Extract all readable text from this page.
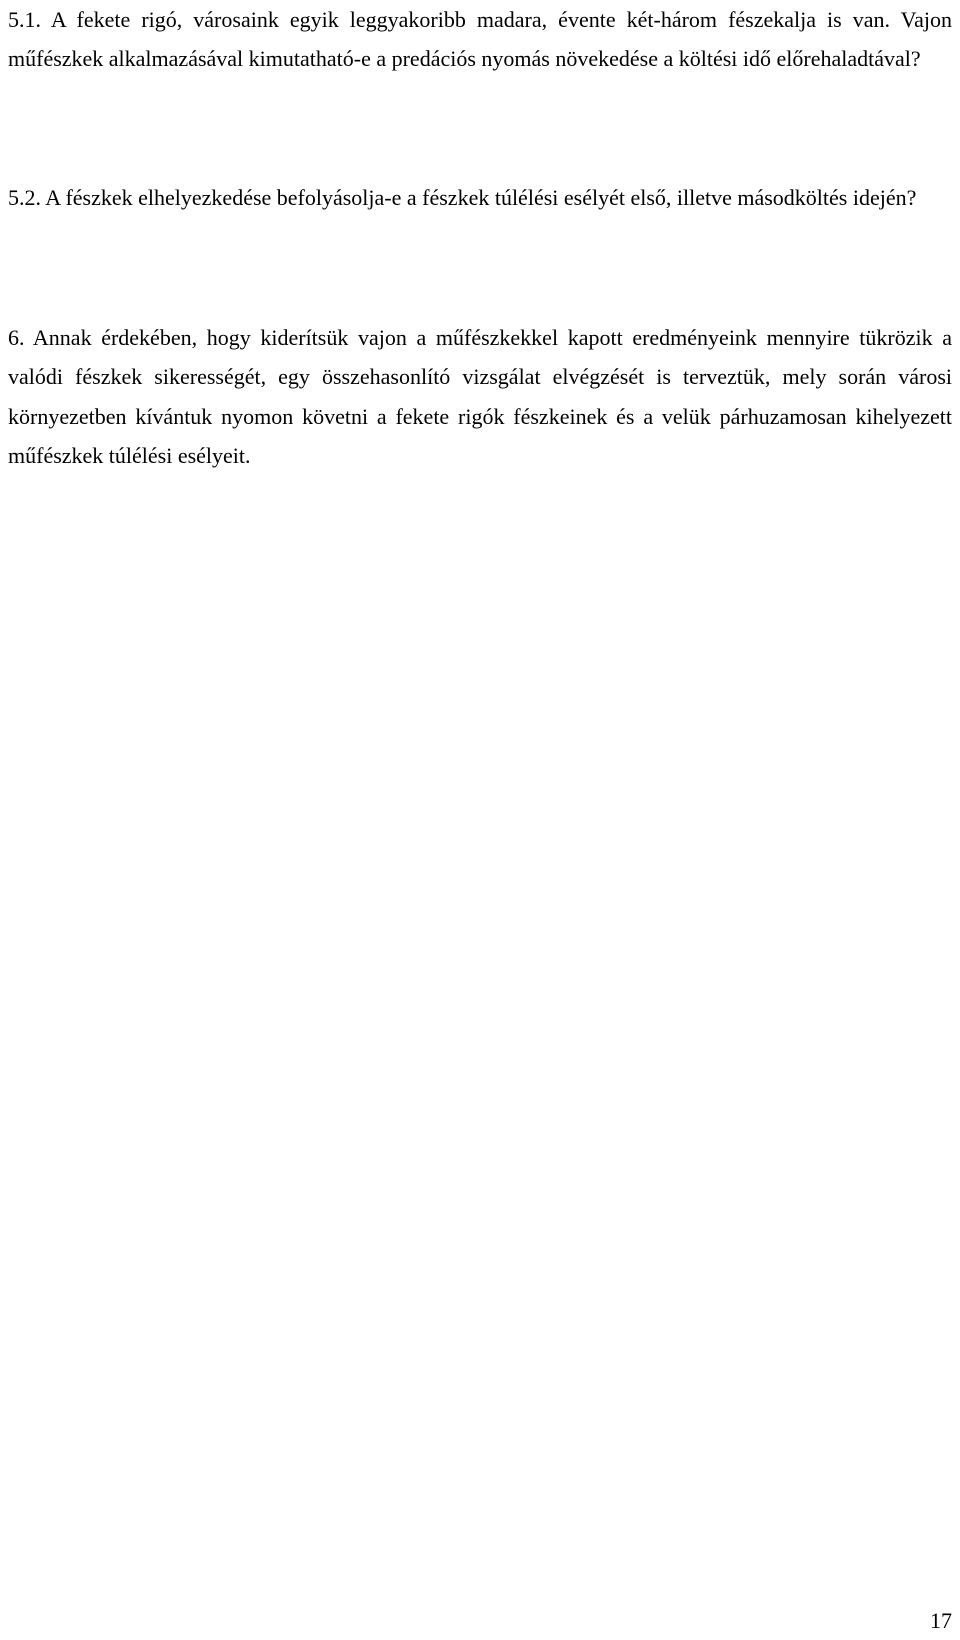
5.1. A fekete rigó, városaink egyik leggyakoribb madara, évente két-három fészekalja is van. Vajon műfészkek alkalmazásával kimutatható-e a predációs nyomás növekedése a költési idő előrehaladtával?

5.2. A fészkek elhelyezkedése befolyásolja-e a fészkek túlélési esélyét első, illetve másodköltés idején?

6. Annak érdekében, hogy kiderítsük vajon a műfészkekkel kapott eredményeink mennyire tükrözik a valódi fészkek sikerességét, egy összehasonlító vizsgálat elvégzését is terveztük, mely során városi környezetben kívántuk nyomon követni a fekete rigók fészkeinek és a velük párhuzamosan kihelyezett műfészkek túlélési esélyeit.

17
